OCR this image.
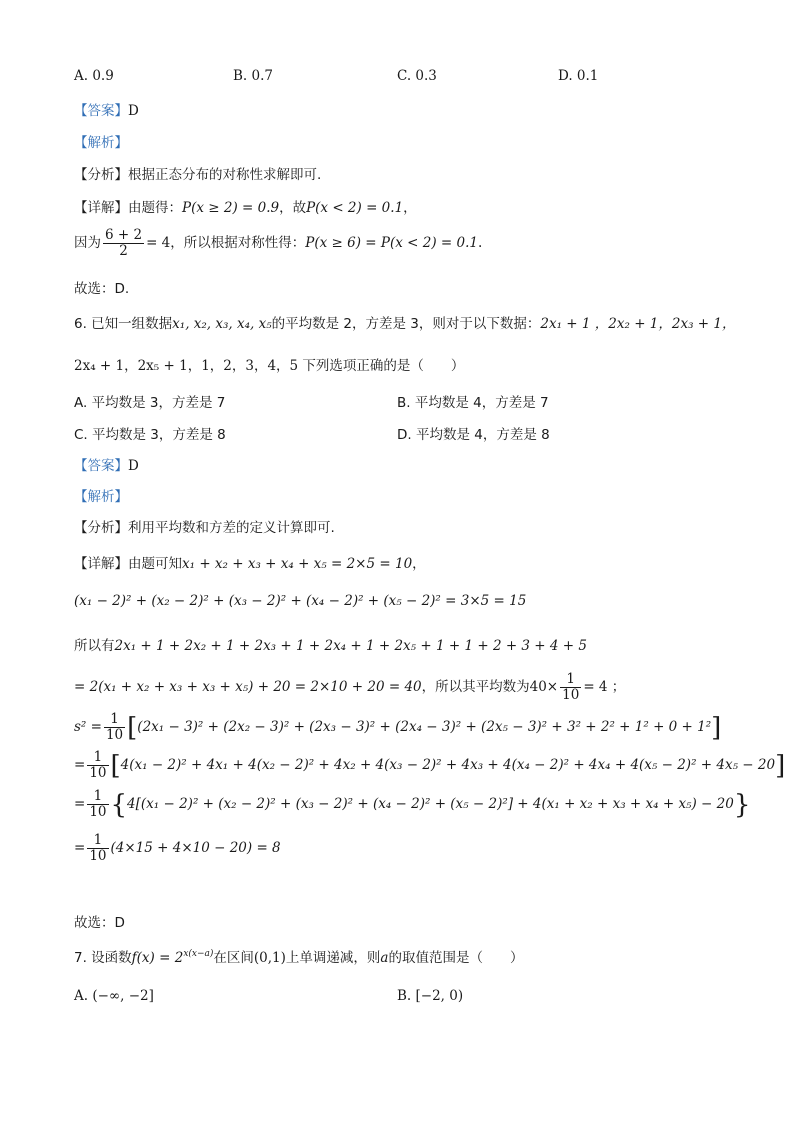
A. 0.9	B. 0.7	C. 0.3	D. 0.1
【答案】D
【解析】
【分析】根据正态分布的对称性求解即可.
【详解】由题得：P(x ≥ 2) = 0.9，故P(x < 2) = 0.1，
因为 $\frac{6 + 2}{2} = 4$，所以根据对称性得：P(x ≥ 6) = P(x < 2) = 0.1.
故选：D.
6. 已知一组数据x₁, x₂, x₃, x₄, x₅的平均数是 2，方差是 3，则对于以下数据：2x₁ + 1 ，2x₂ + 1，2x₃ + 1，
2x₄ + 1，2x₅ + 1，1，2，3，4，5 下列选项正确的是（　　）
A. 平均数是 3，方差是 7	B. 平均数是 4，方差是 7
C. 平均数是 3，方差是 8	D. 平均数是 4，方差是 8
【答案】D
【解析】
【分析】利用平均数和方差的定义计算即可.
【详解】由题可知x₁ + x₂ + x₃ + x₄ + x₅ = 2×5 = 10，
(x₁ − 2)² + (x₂ − 2)² + (x₃ − 2)² + (x₄ − 2)² + (x₅ − 2)² = 3×5 = 15
所以有2x₁ + 1 + 2x₂ + 1 + 2x₃ + 1 + 2x₄ + 1 + 2x₅ + 1 + 1 + 2 + 3 + 4 + 5
= 2(x₁ + x₂ + x₃ + x₃ + x₅) + 20 = 2×10 + 20 = 40，所以其平均数为$40\times \frac{1}{10} = 4$ ；
$s^2 = \frac{1}{10} [(2x_1 - 3)^2 + (2x_2 - 3)^2 + (2x_3 - 3)^2 + (2x_4 - 3)^2 + (2x_5 - 3)^2 + 3^2 + 2^2 + 1^2 + 0 + 1^2]$
= $\frac{1}{10} [4(x_1 - 2)^2 + 4x_1 + 4(x_2 - 2)^2 + 4x_2 + 4(x_3 - 2)^2 + 4x_3 + 4(x_4 - 2)^2 + 4x_4 + 4(x_5 - 2)^2 + 4x_5 - 20]$
= $\frac{1}{10} \{4[(x_1 - 2)^2 + (x_2 - 2)^2 + (x_3 - 2)^2 + (x_4 - 2)^2 + (x_5 - 2)^2] + 4(x_1 + x_2 + x_3 + x_4 + x_5) - 20\}$
= $\frac{1}{10} (4\times 15 + 4\times 10 - 20) = 8$
故选：D
7. 设函数$f(x) = 2^{x(x-a)}$在区间(0,1)上单调递减，则a的取值范围是（　　）
A. (−∞, −2]	B. [−2, 0)
